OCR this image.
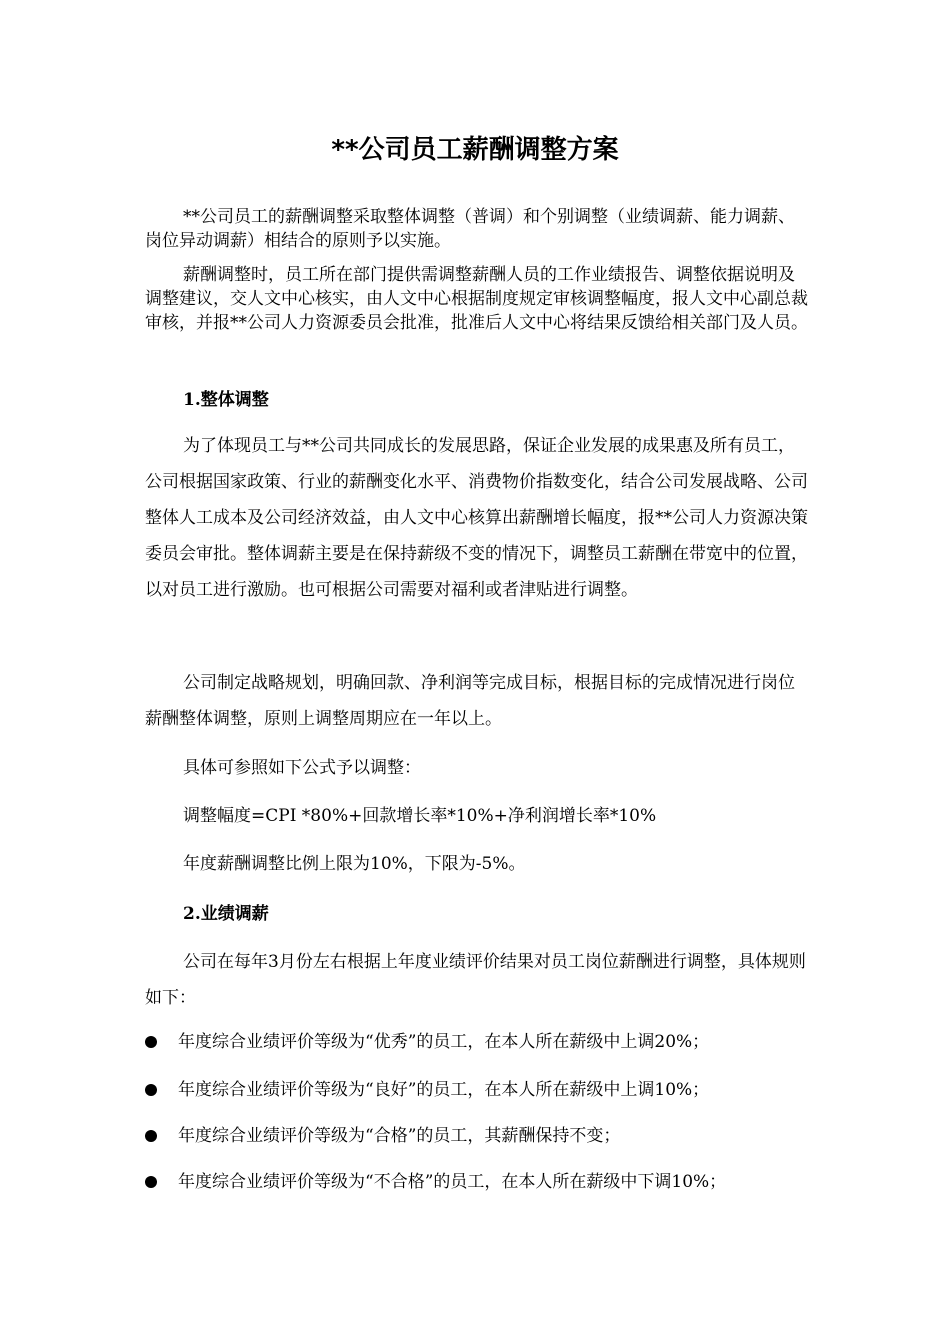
**公司员工薪酬调整方案

**公司员工的薪酬调整采取整体调整（普调）和个别调整（业绩调薪、能力调薪、岗位异动调薪）相结合的原则予以实施。

薪酬调整时，员工所在部门提供需调整薪酬人员的工作业绩报告、调整依据说明及调整建议，交人文中心核实，由人文中心根据制度规定审核调整幅度，报人文中心副总裁审核，并报**公司人力资源委员会批准，批准后人文中心将结果反馈给相关部门及人员。

1.整体调整

为了体现员工与**公司共同成长的发展思路，保证企业发展的成果惠及所有员工，公司根据国家政策、行业的薪酬变化水平、消费物价指数变化，结合公司发展战略、公司整体人工成本及公司经济效益，由人文中心核算出薪酬增长幅度，报**公司人力资源决策委员会审批。整体调薪主要是在保持薪级不变的情况下，调整员工薪酬在带宽中的位置，以对员工进行激励。也可根据公司需要对福利或者津贴进行调整。

公司制定战略规划，明确回款、净利润等完成目标，根据目标的完成情况进行岗位薪酬整体调整，原则上调整周期应在一年以上。

具体可参照如下公式予以调整：

调整幅度=CPI *80%+回款增长率*10%+净利润增长率*10%

年度薪酬调整比例上限为10%，下限为-5%。

2.业绩调薪

公司在每年3月份左右根据上年度业绩评价结果对员工岗位薪酬进行调整，具体规则如下：

年度综合业绩评价等级为“优秀”的员工，在本人所在薪级中上调20%；
年度综合业绩评价等级为“良好”的员工，在本人所在薪级中上调10%；
年度综合业绩评价等级为“合格”的员工，其薪酬保持不变；
年度综合业绩评价等级为“不合格”的员工，在本人所在薪级中下调10%；
